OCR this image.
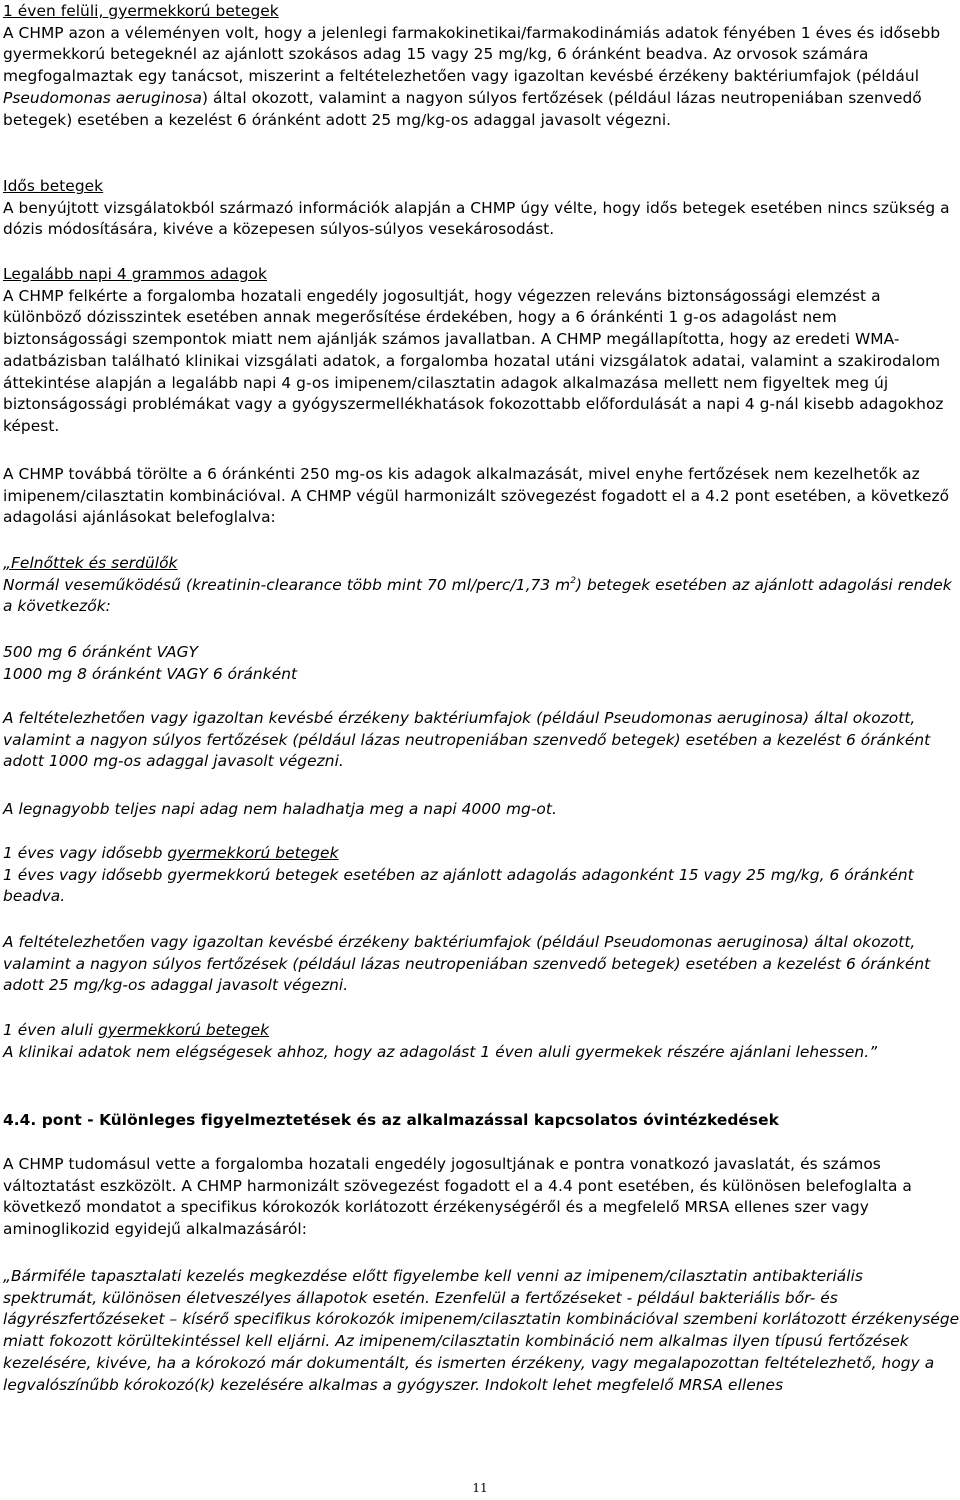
1 éven felüli, gyermekkorú betegek

A CHMP azon a véleményen volt, hogy a jelenlegi farmakokinetikai/farmakodinámiás adatok fényében 1 éves és idősebb gyermekkorú betegeknél az ajánlott szokásos adag 15 vagy 25 mg/kg, 6 óránként beadva. Az orvosok számára megfogalmaztak egy tanácsot, miszerint a feltételezhetően vagy igazoltan kevésbé érzékeny baktériumfajok (például Pseudomonas aeruginosa) által okozott, valamint a nagyon súlyos fertőzések (például lázas neutropeniában szenvedő betegek) esetében a kezelést 6 óránként adott 25 mg/kg-os adaggal javasolt végezni.

Idős betegek

A benyújtott vizsgálatokból származó információk alapján a CHMP úgy vélte, hogy idős betegek esetében nincs szükség a dózis módosítására, kivéve a közepesen súlyos-súlyos vesekárosodást.

Legalább napi 4 grammos adagok

A CHMP felkérte a forgalomba hozatali engedély jogosultját, hogy végezzen releváns biztonságossági elemzést a különböző dózisszintek esetében annak megerősítése érdekében, hogy a 6 óránkénti 1 g-os adagolást nem biztonságossági szempontok miatt nem ajánlják számos javallatban. A CHMP megállapította, hogy az eredeti WMA-adatbázisban található klinikai vizsgálati adatok, a forgalomba hozatal utáni vizsgálatok adatai, valamint a szakirodalom áttekintése alapján a legalább napi 4 g-os imipenem/cilasztatin adagok alkalmazása mellett nem figyeltek meg új biztonságossági problémákat vagy a gyógyszermellékhatások fokozottabb előfordulását a napi 4 g-nál kisebb adagokhoz képest.

A CHMP továbbá törölte a 6 óránkénti 250 mg-os kis adagok alkalmazását, mivel enyhe fertőzések nem kezelhetők az imipenem/cilasztatin kombinációval. A CHMP végül harmonizált szövegezést fogadott el a 4.2 pont esetében, a következő adagolási ajánlásokat belefoglalva:

„Felnőttek és serdülők

Normál veseműködésű (kreatinin-clearance több mint 70 ml/perc/1,73 $m^2$) betegek esetében az ajánlott adagolási rendek a következők:

500 mg 6 óránként VAGY

1000 mg 8 óránként VAGY 6 óránként

A feltételezhetően vagy igazoltan kevésbé érzékeny baktériumfajok (például Pseudomonas aeruginosa) által okozott, valamint a nagyon súlyos fertőzések (például lázas neutropeniában szenvedő betegek) esetében a kezelést 6 óránként adott 1000 mg-os adaggal javasolt végezni.

A legnagyobb teljes napi adag nem haladhatja meg a napi 4000 mg-ot.

1 éves vagy idősebb gyermekkorú betegek

1 éves vagy idősebb gyermekkorú betegek esetében az ajánlott adagolás adagonként 15 vagy 25 mg/kg, 6 óránként beadva.

A feltételezhetően vagy igazoltan kevésbé érzékeny baktériumfajok (például Pseudomonas aeruginosa) által okozott, valamint a nagyon súlyos fertőzések (például lázas neutropeniában szenvedő betegek) esetében a kezelést 6 óránként adott 25 mg/kg-os adaggal javasolt végezni.

1 éven aluli gyermekkorú betegek

A klinikai adatok nem elégségesek ahhoz, hogy az adagolást 1 éven aluli gyermekek részére ajánlani lehessen.”

4.4. pont - Különleges figyelmeztetések és az alkalmazással kapcsolatos óvintézkedések

A CHMP tudomásul vette a forgalomba hozatali engedély jogosultjának e pontra vonatkozó javaslatát, és számos változtatást eszközölt. A CHMP harmonizált szövegezést fogadott el a 4.4 pont esetében, és különösen belefoglalta a következő mondatot a specifikus kórokozók korlátozott érzékenységéről és a megfelelő MRSA ellenes szer vagy aminoglikozid egyidejű alkalmazásáról:

„Bármiféle tapasztalati kezelés megkezdése előtt figyelembe kell venni az imipenem/cilasztatin antibakteriális spektrumát, különösen életveszélyes állapotok esetén. Ezenfelül a fertőzéseket - például bakteriális bőr- és lágyrészfertőzéseket – kísérő specifikus kórokozók imipenem/cilasztatin kombinációval szembeni korlátozott érzékenysége miatt fokozott körültekintéssel kell eljárni. Az imipenem/cilasztatin kombináció nem alkalmas ilyen típusú fertőzések kezelésére, kivéve, ha a kórokozó már dokumentált, és ismerten érzékeny, vagy megalapozottan feltételezhető, hogy a legvalószínűbb kórokozó(k) kezelésére alkalmas a gyógyszer. Indokolt lehet megfelelő MRSA ellenes

11
